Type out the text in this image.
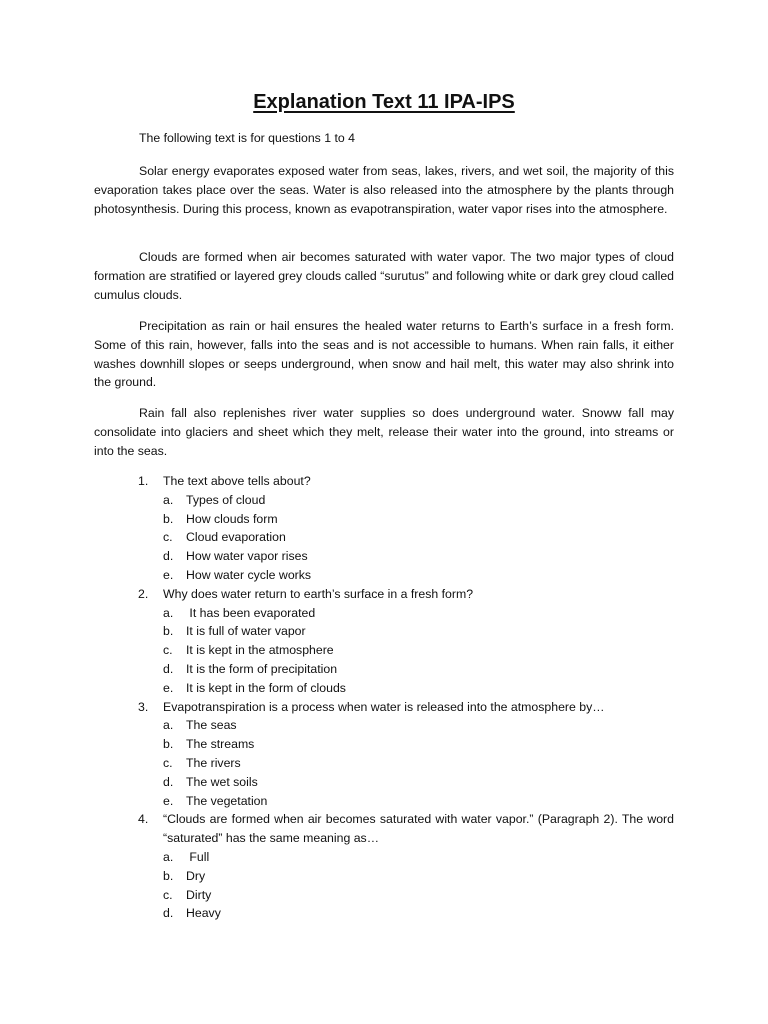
Explanation Text 11 IPA-IPS

The following text is for questions 1 to 4

Solar energy evaporates exposed water from seas, lakes, rivers, and wet soil, the majority of this evaporation takes place over the seas. Water is also released into the atmosphere by the plants through photosynthesis. During this process, known as evapotranspiration, water vapor rises into the atmosphere.

Clouds are formed when air becomes saturated with water vapor. The two major types of cloud formation are stratified or layered grey clouds called “surutus” and following white or dark grey cloud called cumulus clouds.

Precipitation as rain or hail ensures the healed water returns to Earth’s surface in a fresh form. Some of this rain, however, falls into the seas and is not accessible to humans. When rain falls, it either washes downhill slopes or seeps underground, when snow and hail melt, this water may also shrink into the ground.

Rain fall also replenishes river water supplies so does underground water. Snoww fall may consolidate into glaciers and sheet which they melt, release their water into the ground, into streams or into the seas.

1. The text above tells about?
a. Types of cloud
b. How clouds form
c. Cloud evaporation
d. How water vapor rises
e. How water cycle works
2. Why does water return to earth’s surface in a fresh form?
a. It has been evaporated
b. It is full of water vapor
c. It is kept in the atmosphere
d. It is the form of precipitation
e. It is kept in the form of clouds
3. Evapotranspiration is a process when water is released into the atmosphere by…
a. The seas
b. The streams
c. The rivers
d. The wet soils
e. The vegetation
4. “Clouds are formed when air becomes saturated with water vapor.” (Paragraph 2). The word “saturated” has the same meaning as…
a. Full
b. Dry
c. Dirty
d. Heavy
